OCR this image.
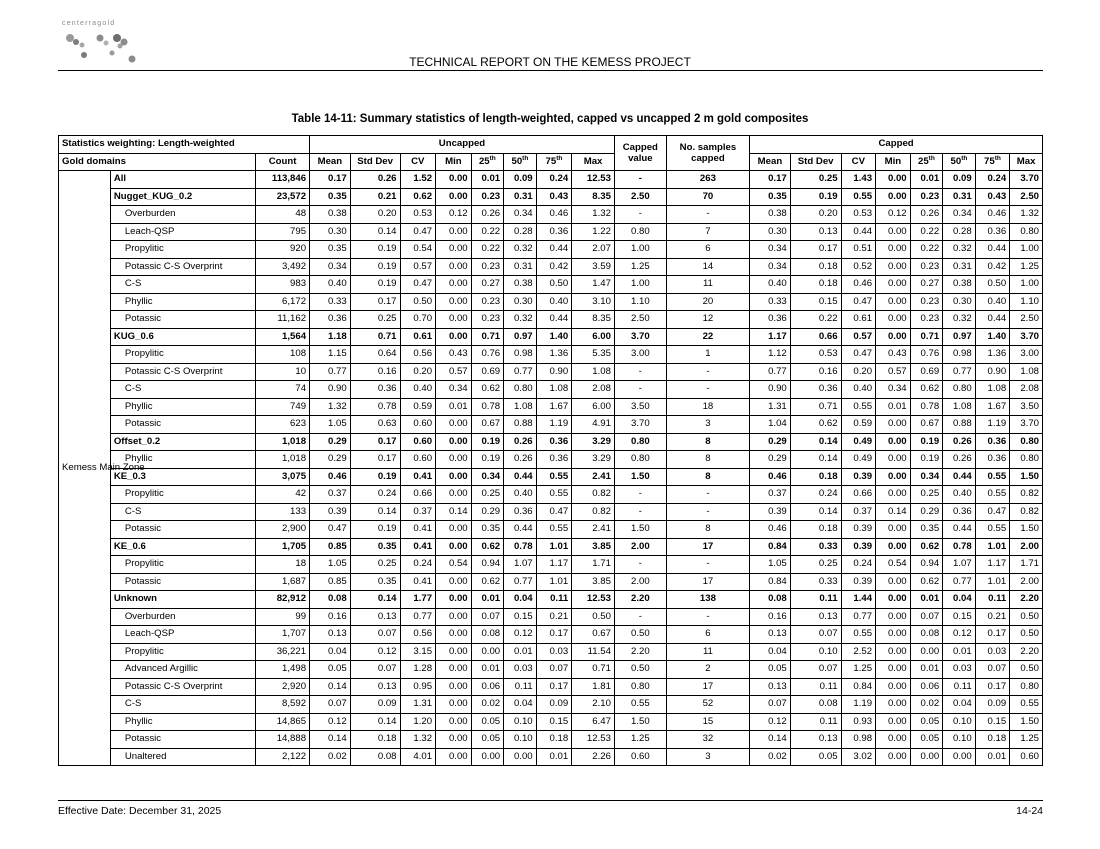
centerragold
TECHNICAL REPORT ON THE KEMESS PROJECT
Table 14-11: Summary statistics of length-weighted, capped vs uncapped 2 m gold composites
Statistics weighting: Length-weighted			Uncapped								Capped value	No. samples capped	Capped							
Gold domains		Count	Mean	Std Dev	CV	Min	25th	50th	75th	Max			Mean	Std Dev	CV	Min	25th	50th	75th	Max
Kemess Main Zone	All	113,846	0.17	0.26	1.52	0.00	0.01	0.09	0.24	12.53	-	263	0.17	0.25	1.43	0.00	0.01	0.09	0.24	3.70
	Nugget_KUG_0.2	23,572	0.35	0.21	0.62	0.00	0.23	0.31	0.43	8.35	2.50	70	0.35	0.19	0.55	0.00	0.23	0.31	0.43	2.50
	Overburden	48	0.38	0.20	0.53	0.12	0.26	0.34	0.46	1.32	-	-	0.38	0.20	0.53	0.12	0.26	0.34	0.46	1.32
	Leach-QSP	795	0.30	0.14	0.47	0.00	0.22	0.28	0.36	1.22	0.80	7	0.30	0.13	0.44	0.00	0.22	0.28	0.36	0.80
	Propylitic	920	0.35	0.19	0.54	0.00	0.22	0.32	0.44	2.07	1.00	6	0.34	0.17	0.51	0.00	0.22	0.32	0.44	1.00
	Potassic C-S Overprint	3,492	0.34	0.19	0.57	0.00	0.23	0.31	0.42	3.59	1.25	14	0.34	0.18	0.52	0.00	0.23	0.31	0.42	1.25
	C-S	983	0.40	0.19	0.47	0.00	0.27	0.38	0.50	1.47	1.00	11	0.40	0.18	0.46	0.00	0.27	0.38	0.50	1.00
	Phyllic	6,172	0.33	0.17	0.50	0.00	0.23	0.30	0.40	3.10	1.10	20	0.33	0.15	0.47	0.00	0.23	0.30	0.40	1.10
	Potassic	11,162	0.36	0.25	0.70	0.00	0.23	0.32	0.44	8.35	2.50	12	0.36	0.22	0.61	0.00	0.23	0.32	0.44	2.50
	KUG_0.6	1,564	1.18	0.71	0.61	0.00	0.71	0.97	1.40	6.00	3.70	22	1.17	0.66	0.57	0.00	0.71	0.97	1.40	3.70
	Propylitic	108	1.15	0.64	0.56	0.43	0.76	0.98	1.36	5.35	3.00	1	1.12	0.53	0.47	0.43	0.76	0.98	1.36	3.00
	Potassic C-S Overprint	10	0.77	0.16	0.20	0.57	0.69	0.77	0.90	1.08	-	-	0.77	0.16	0.20	0.57	0.69	0.77	0.90	1.08
	C-S	74	0.90	0.36	0.40	0.34	0.62	0.80	1.08	2.08	-	-	0.90	0.36	0.40	0.34	0.62	0.80	1.08	2.08
	Phyllic	749	1.32	0.78	0.59	0.01	0.78	1.08	1.67	6.00	3.50	18	1.31	0.71	0.55	0.01	0.78	1.08	1.67	3.50
	Potassic	623	1.05	0.63	0.60	0.00	0.67	0.88	1.19	4.91	3.70	3	1.04	0.62	0.59	0.00	0.67	0.88	1.19	3.70
	Offset_0.2	1,018	0.29	0.17	0.60	0.00	0.19	0.26	0.36	3.29	0.80	8	0.29	0.14	0.49	0.00	0.19	0.26	0.36	0.80
	Phyllic	1,018	0.29	0.17	0.60	0.00	0.19	0.26	0.36	3.29	0.80	8	0.29	0.14	0.49	0.00	0.19	0.26	0.36	0.80
	KE_0.3	3,075	0.46	0.19	0.41	0.00	0.34	0.44	0.55	2.41	1.50	8	0.46	0.18	0.39	0.00	0.34	0.44	0.55	1.50
	Propylitic	42	0.37	0.24	0.66	0.00	0.25	0.40	0.55	0.82	-	-	0.37	0.24	0.66	0.00	0.25	0.40	0.55	0.82
	C-S	133	0.39	0.14	0.37	0.14	0.29	0.36	0.47	0.82	-	-	0.39	0.14	0.37	0.14	0.29	0.36	0.47	0.82
	Potassic	2,900	0.47	0.19	0.41	0.00	0.35	0.44	0.55	2.41	1.50	8	0.46	0.18	0.39	0.00	0.35	0.44	0.55	1.50
	KE_0.6	1,705	0.85	0.35	0.41	0.00	0.62	0.78	1.01	3.85	2.00	17	0.84	0.33	0.39	0.00	0.62	0.78	1.01	2.00
	Propylitic	18	1.05	0.25	0.24	0.54	0.94	1.07	1.17	1.71	-	-	1.05	0.25	0.24	0.54	0.94	1.07	1.17	1.71
	Potassic	1,687	0.85	0.35	0.41	0.00	0.62	0.77	1.01	3.85	2.00	17	0.84	0.33	0.39	0.00	0.62	0.77	1.01	2.00
	Unknown	82,912	0.08	0.14	1.77	0.00	0.01	0.04	0.11	12.53	2.20	138	0.08	0.11	1.44	0.00	0.01	0.04	0.11	2.20
	Overburden	99	0.16	0.13	0.77	0.00	0.07	0.15	0.21	0.50	-	-	0.16	0.13	0.77	0.00	0.07	0.15	0.21	0.50
	Leach-QSP	1,707	0.13	0.07	0.56	0.00	0.08	0.12	0.17	0.67	0.50	6	0.13	0.07	0.55	0.00	0.08	0.12	0.17	0.50
	Propylitic	36,221	0.04	0.12	3.15	0.00	0.00	0.01	0.03	11.54	2.20	11	0.04	0.10	2.52	0.00	0.00	0.01	0.03	2.20
	Advanced Argillic	1,498	0.05	0.07	1.28	0.00	0.01	0.03	0.07	0.71	0.50	2	0.05	0.07	1.25	0.00	0.01	0.03	0.07	0.50
	Potassic C-S Overprint	2,920	0.14	0.13	0.95	0.00	0.06	0.11	0.17	1.81	0.80	17	0.13	0.11	0.84	0.00	0.06	0.11	0.17	0.80
	C-S	8,592	0.07	0.09	1.31	0.00	0.02	0.04	0.09	2.10	0.55	52	0.07	0.08	1.19	0.00	0.02	0.04	0.09	0.55
	Phyllic	14,865	0.12	0.14	1.20	0.00	0.05	0.10	0.15	6.47	1.50	15	0.12	0.11	0.93	0.00	0.05	0.10	0.15	1.50
	Potassic	14,888	0.14	0.18	1.32	0.00	0.05	0.10	0.18	12.53	1.25	32	0.14	0.13	0.98	0.00	0.05	0.10	0.18	1.25
	Unaltered	2,122	0.02	0.08	4.01	0.00	0.00	0.00	0.01	2.26	0.60	3	0.02	0.05	3.02	0.00	0.00	0.00	0.01	0.60
Effective Date: December 31, 2025	14-24
